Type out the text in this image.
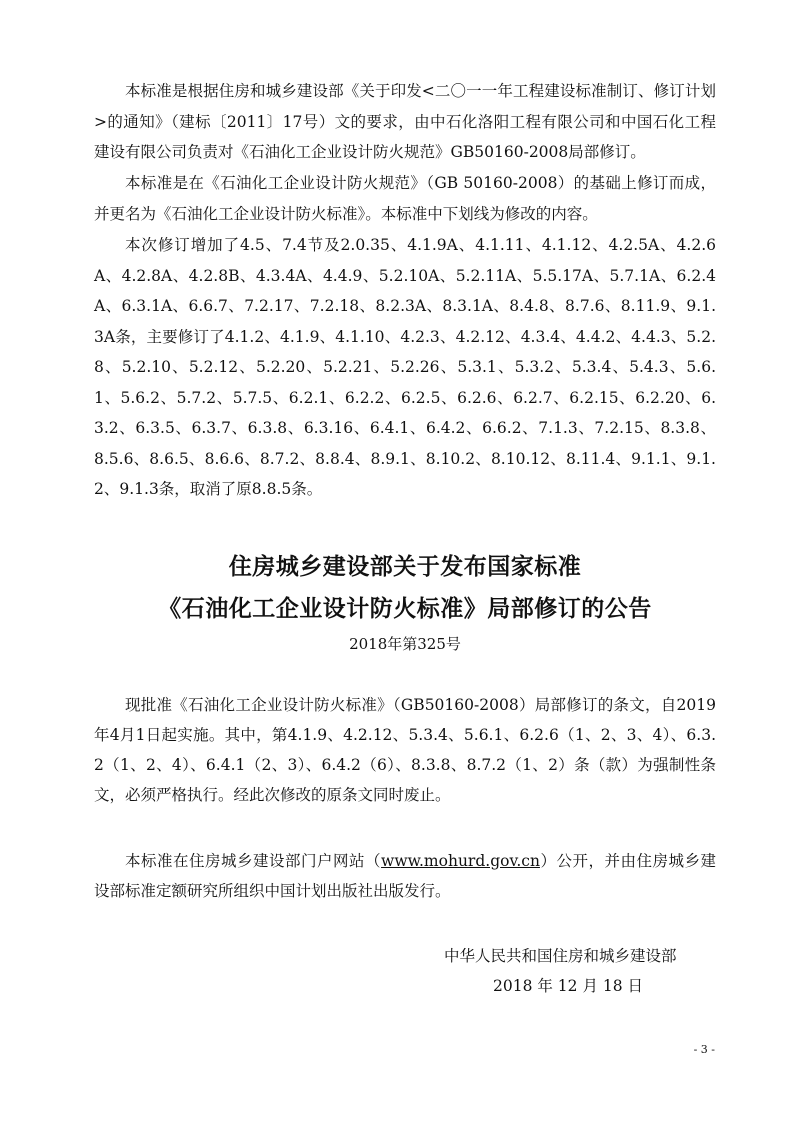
本标准是根据住房和城乡建设部《关于印发<二〇一一年工程建设标准制订、修订计划>的通知》（建标〔2011〕17号）文的要求，由中石化洛阳工程有限公司和中国石化工程建设有限公司负责对《石油化工企业设计防火规范》GB50160-2008局部修订。

本标准是在《石油化工企业设计防火规范》（GB 50160-2008）的基础上修订而成，并更名为《石油化工企业设计防火标准》。本标准中下划线为修改的内容。

本次修订增加了4.5、7.4节及2.0.35、4.1.9A、4.1.11、4.1.12、4.2.5A、4.2.6A、4.2.8A、4.2.8B、4.3.4A、4.4.9、5.2.10A、5.2.11A、5.5.17A、5.7.1A、6.2.4A、6.3.1A、6.6.7、7.2.17、7.2.18、8.2.3A、8.3.1A、8.4.8、8.7.6、8.11.9、9.1.3A条，主要修订了4.1.2、4.1.9、4.1.10、4.2.3、4.2.12、4.3.4、4.4.2、4.4.3、5.2.8、5.2.10、5.2.12、5.2.20、5.2.21、5.2.26、5.3.1、5.3.2、5.3.4、5.4.3、5.6.1、5.6.2、5.7.2、5.7.5、6.2.1、6.2.2、6.2.5、6.2.6、6.2.7、6.2.15、6.2.20、6.3.2、6.3.5、6.3.7、6.3.8、6.3.16、6.4.1、6.4.2、6.6.2、7.1.3、7.2.15、8.3.8、8.5.6、8.6.5、8.6.6、8.7.2、8.8.4、8.9.1、8.10.2、8.10.12、8.11.4、9.1.1、9.1.2、9.1.3条，取消了原8.8.5条。

住房城乡建设部关于发布国家标准
《石油化工企业设计防火标准》局部修订的公告

2018年第325号

现批准《石油化工企业设计防火标准》（GB50160-2008）局部修订的条文，自2019年4月1日起实施。其中，第4.1.9、4.2.12、5.3.4、5.6.1、6.2.6（1、2、3、4）、6.3.2（1、2、4）、6.4.1（2、3）、6.4.2（6）、8.3.8、8.7.2（1、2）条（款）为强制性条文，必须严格执行。经此次修改的原条文同时废止。

本标准在住房城乡建设部门户网站（www.mohurd.gov.cn）公开，并由住房城乡建设部标准定额研究所组织中国计划出版社出版发行。

中华人民共和国住房和城乡建设部

2018 年 12 月 18 日

- 3 -
